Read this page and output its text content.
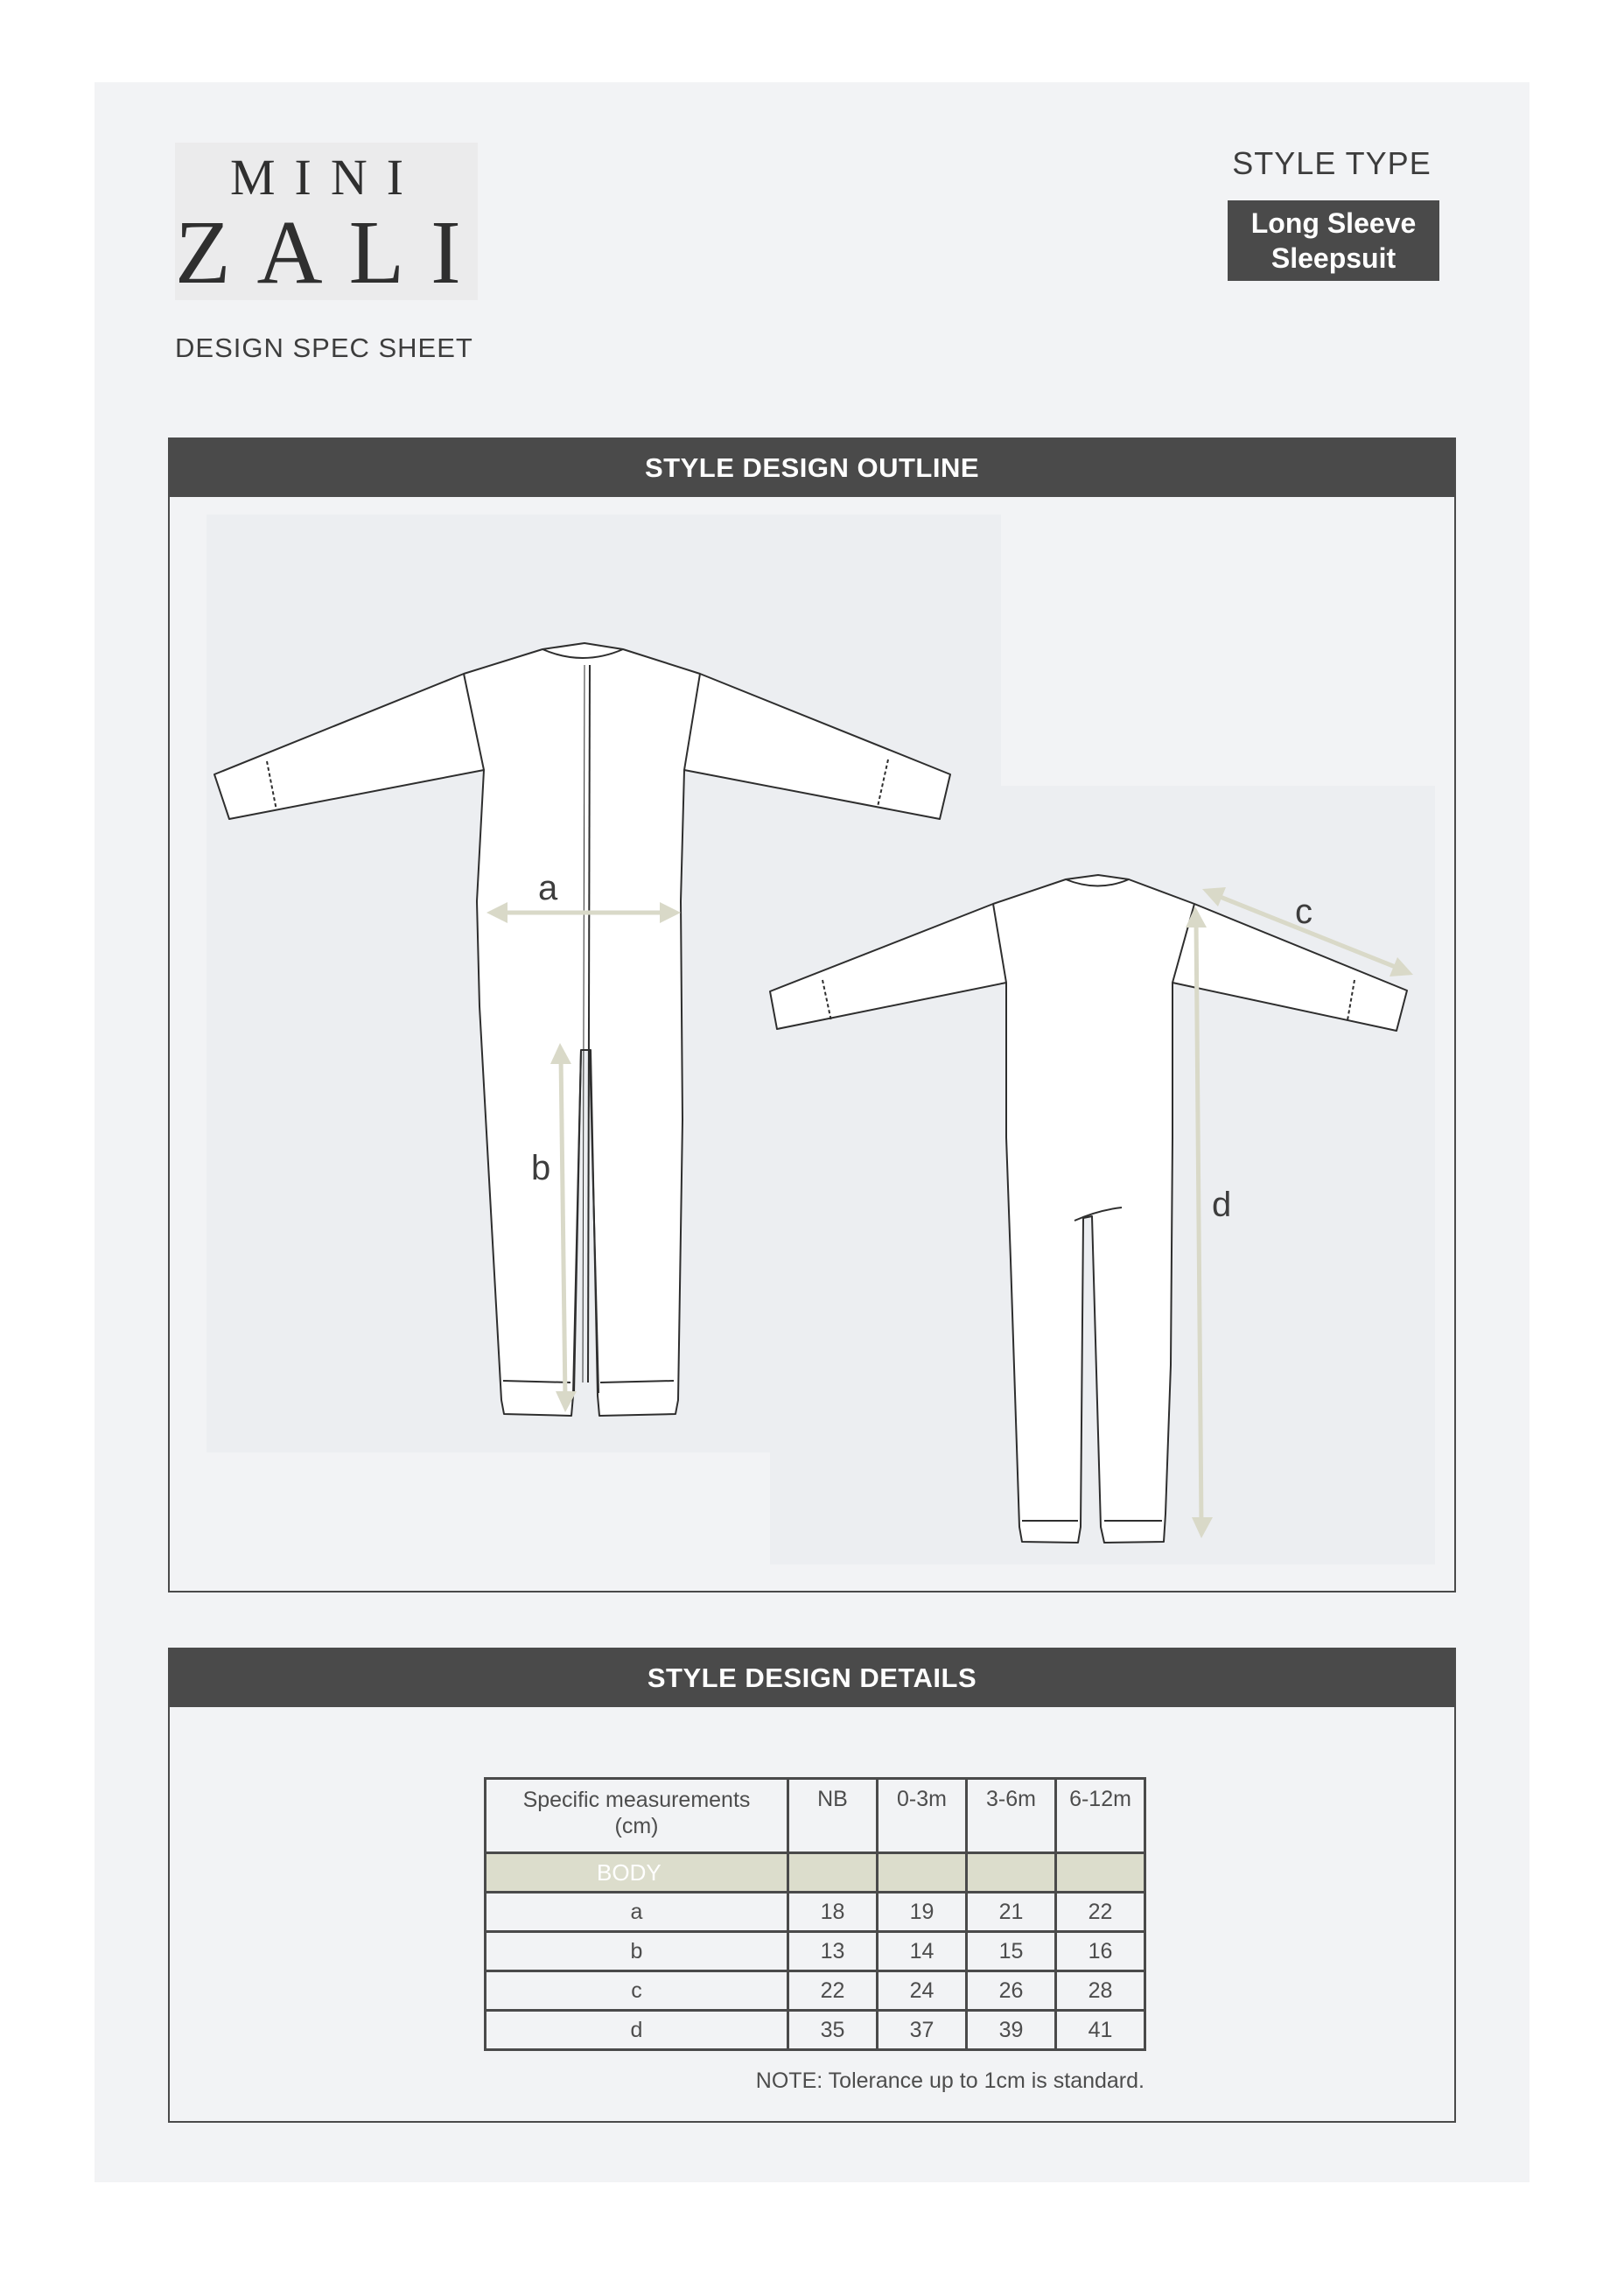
MINI
ZALI
DESIGN SPEC SHEET
STYLE TYPE
Long Sleeve
Sleepsuit
STYLE DESIGN OUTLINE
a
b
c
d
STYLE DESIGN DETAILS
Specific measurements
(cm)	NB	0-3m	3-6m	6-12m
BODY				
a	18	19	21	22
b	13	14	15	16
c	22	24	26	28
d	35	37	39	41
NOTE: Tolerance up to 1cm is standard.
